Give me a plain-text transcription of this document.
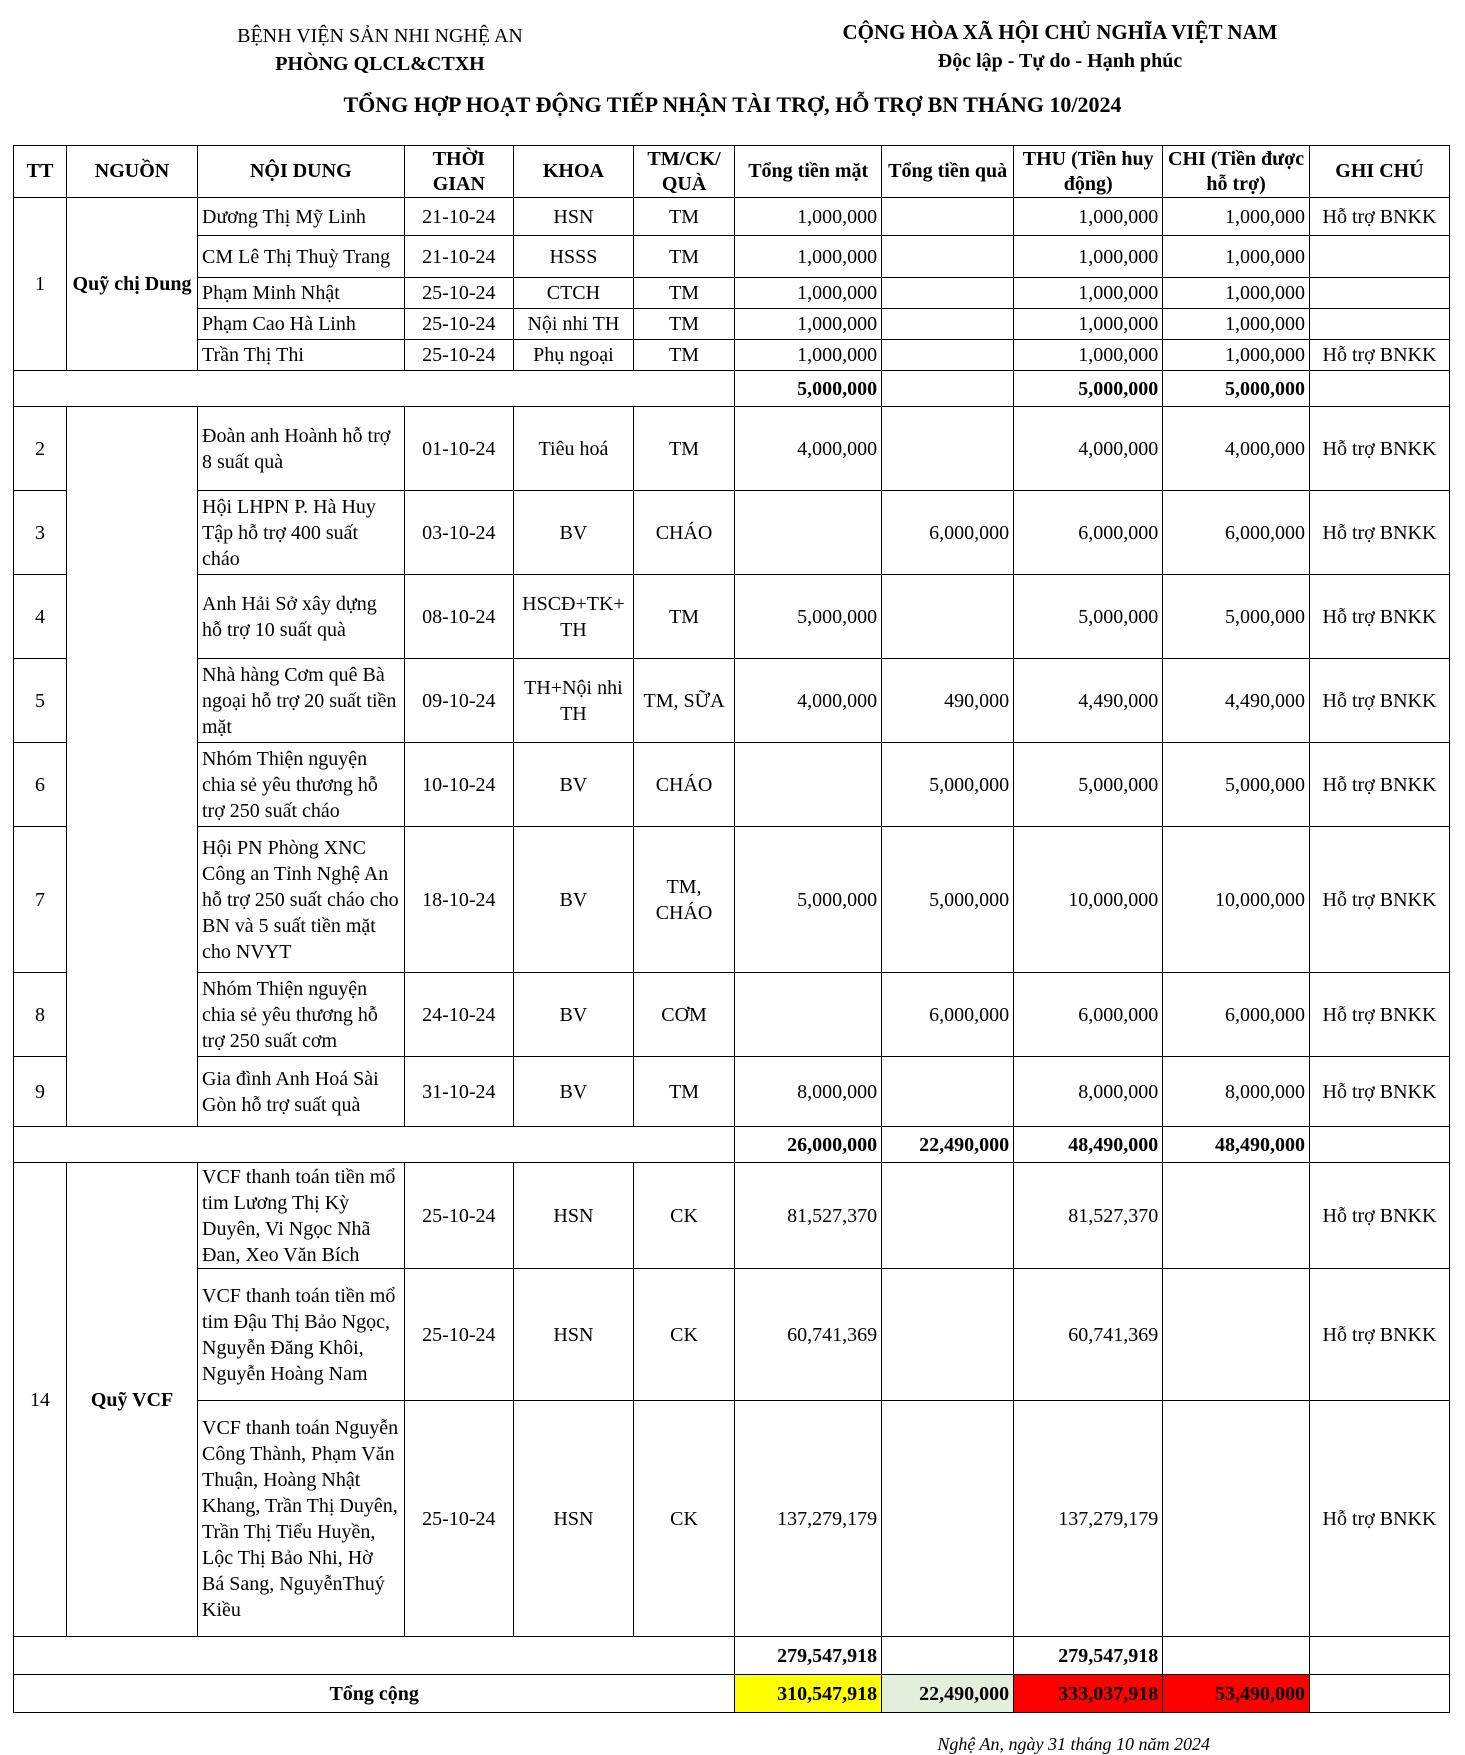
BỆNH VIỆN SẢN NHI NGHỆ AN
PHÒNG QLCL&CTXH
CỘNG HÒA XÃ HỘI CHỦ NGHĨA VIỆT NAM
Độc lập - Tự do - Hạnh phúc
TỔNG HỢP HOẠT ĐỘNG TIẾP NHẬN TÀI TRỢ, HỖ TRỢ BN THÁNG 10/2024
TT	NGUỒN	NỘI DUNG	THỜI GIAN	KHOA	TM/CK/ QUÀ	Tổng tiền mặt	Tổng tiền quà	THU (Tiền huy động)	CHI (Tiền được hỗ trợ)	GHI CHÚ
1	Quỹ chị Dung	Dương Thị Mỹ Linh	21-10-24	HSN	TM	1,000,000		1,000,000	1,000,000	Hỗ trợ BNKK
		CM Lê Thị Thuỳ Trang	21-10-24	HSSS	TM	1,000,000		1,000,000	1,000,000	
		Phạm Minh Nhật	25-10-24	CTCH	TM	1,000,000		1,000,000	1,000,000	
		Phạm Cao Hà Linh	25-10-24	Nội nhi TH	TM	1,000,000		1,000,000	1,000,000	
		Trần Thị Thi	25-10-24	Phụ ngoại	TM	1,000,000		1,000,000	1,000,000	Hỗ trợ BNKK
						5,000,000		5,000,000	5,000,000	
2		Đoàn anh Hoành hỗ trợ 8 suất quà	01-10-24	Tiêu hoá	TM	4,000,000		4,000,000	4,000,000	Hỗ trợ BNKK
3		Hội LHPN P. Hà Huy Tập hỗ trợ 400 suất cháo	03-10-24	BV	CHÁO		6,000,000	6,000,000	6,000,000	Hỗ trợ BNKK
4		Anh Hải Sở xây dựng hỗ trợ 10 suất quà	08-10-24	HSCĐ+TK+ TH	TM	5,000,000		5,000,000	5,000,000	Hỗ trợ BNKK
5		Nhà hàng Cơm quê Bà ngoại hỗ trợ 20 suất tiền mặt	09-10-24	TH+Nội nhi TH	TM, SỮA	4,000,000	490,000	4,490,000	4,490,000	Hỗ trợ BNKK
6		Nhóm Thiện nguyện chia sẻ yêu thương hỗ trợ 250 suất cháo	10-10-24	BV	CHÁO		5,000,000	5,000,000	5,000,000	Hỗ trợ BNKK
7		Hội PN Phòng XNC Công an Tỉnh Nghệ An hỗ trợ 250 suất cháo cho BN và 5 suất tiền mặt cho NVYT	18-10-24	BV	TM, CHÁO	5,000,000	5,000,000	10,000,000	10,000,000	Hỗ trợ BNKK
8		Nhóm Thiện nguyện chia sẻ yêu thương hỗ trợ 250 suất cơm	24-10-24	BV	CƠM		6,000,000	6,000,000	6,000,000	Hỗ trợ BNKK
9		Gia đình Anh Hoá Sài Gòn hỗ trợ suất quà	31-10-24	BV	TM	8,000,000		8,000,000	8,000,000	Hỗ trợ BNKK
						26,000,000	22,490,000	48,490,000	48,490,000	
14	Quỹ VCF	VCF thanh toán tiền mổ tim Lương Thị Kỳ Duyên, Vi Ngọc Nhã Đan, Xeo Văn Bích	25-10-24	HSN	CK	81,527,370		81,527,370		Hỗ trợ BNKK
		VCF thanh toán tiền mổ tim Đậu Thị Bảo Ngọc, Nguyễn Đăng Khôi, Nguyễn Hoàng Nam	25-10-24	HSN	CK	60,741,369		60,741,369		Hỗ trợ BNKK
		VCF thanh toán Nguyễn Công Thành, Phạm Văn Thuận, Hoàng Nhật Khang, Trần Thị Duyên, Trần Thị Tiểu Huyền, Lộc Thị Bảo Nhi, Hờ Bá Sang, NguyễnThuý Kiều	25-10-24	HSN	CK	137,279,179		137,279,179		Hỗ trợ BNKK
						279,547,918		279,547,918		
Tổng cộng						310,547,918	22,490,000	333,037,918	53,490,000	
Nghệ An, ngày 31 tháng 10 năm 2024
